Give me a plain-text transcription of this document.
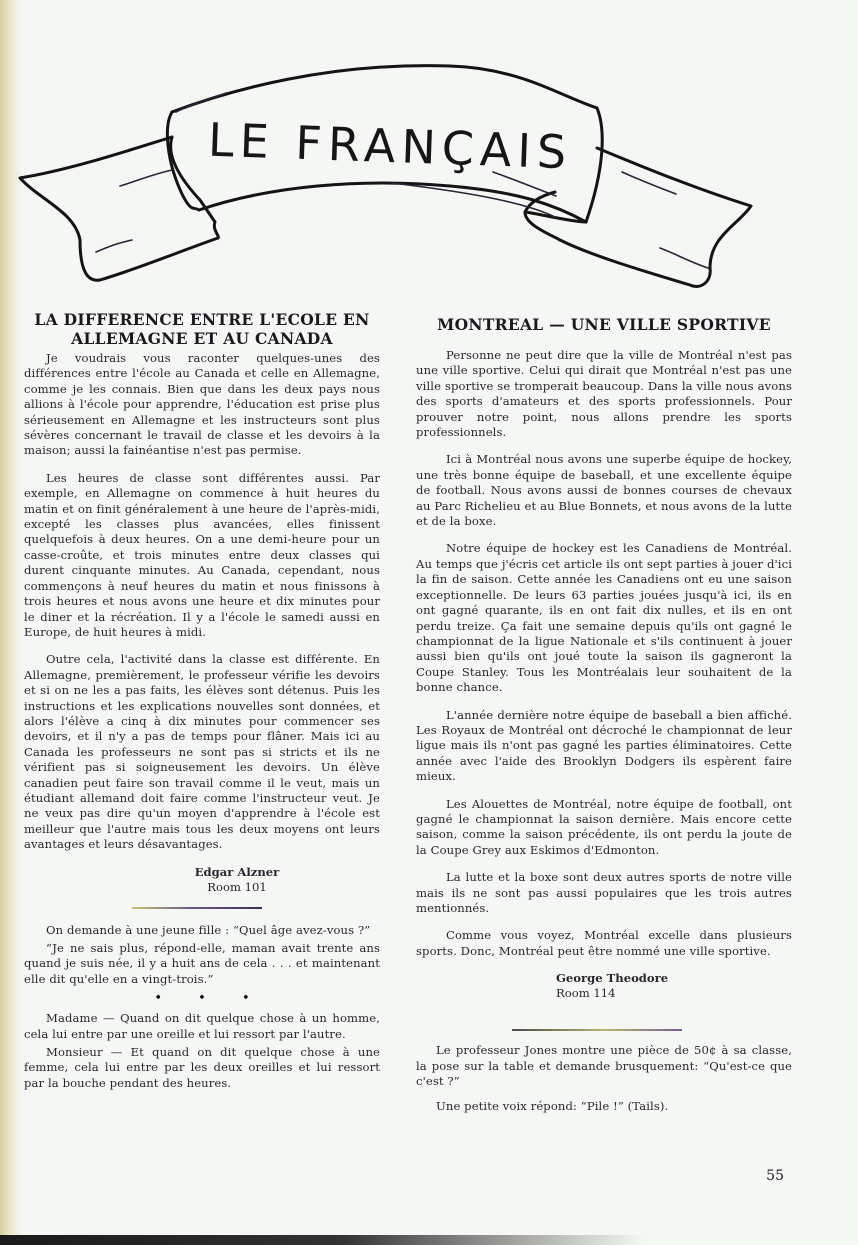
LE FRANÇAIS
LA DIFFERENCE ENTRE L'ECOLE EN
ALLEMAGNE ET AU CANADA

Je voudrais vous raconter quelques-unes des différences entre l'école au Canada et celle en Allemagne, comme je les connais. Bien que dans les deux pays nous allions à l'école pour apprendre, l'éducation est prise plus sérieusement en Allemagne et les instructeurs sont plus sévères concernant le travail de classe et les devoirs à la maison; aussi la fainéantise n'est pas permise.

Les heures de classe sont différentes aussi. Par exemple, en Allemagne on commence à huit heures du matin et on finit généralement à une heure de l'après-midi, excepté les classes plus avancées, elles finissent quelquefois à deux heures. On a une demi-heure pour un casse-croûte, et trois minutes entre deux classes qui durent cinquante minutes. Au Canada, cependant, nous commençons à neuf heures du matin et nous finissons à trois heures et nous avons une heure et dix minutes pour le diner et la récréation. Il y a l'école le samedi aussi en Europe, de huit heures à midi.

Outre cela, l'activité dans la classe est différente. En Allemagne, premièrement, le professeur vérifie les devoirs et si on ne les a pas faits, les élèves sont détenus. Puis les instructions et les explications nouvelles sont données, et alors l'élève a cinq à dix minutes pour commencer ses devoirs, et il n'y a pas de temps pour flâner. Mais ici au Canada les professeurs ne sont pas si stricts et ils ne vérifient pas si soigneusement les devoirs. Un élève canadien peut faire son travail comme il le veut, mais un étudiant allemand doit faire comme l'instructeur veut. Je ne veux pas dire qu'un moyen d'apprendre à l'école est meilleur que l'autre mais tous les deux moyens ont leurs avantages et leurs désavantages.

Edgar Alzner
Room 101

On demande à une jeune fille : “Quel âge avez-vous ?”

“Je ne sais plus, répond-elle, maman avait trente ans quand je suis née, il y a huit ans de cela . . . et maintenant elle dit qu'elle en a vingt-trois.”

• • •

Madame — Quand on dit quelque chose à un homme, cela lui entre par une oreille et lui ressort par l'autre.

Monsieur — Et quand on dit quelque chose à une femme, cela lui entre par les deux oreilles et lui ressort par la bouche pendant des heures.

MONTREAL — UNE VILLE SPORTIVE

Personne ne peut dire que la ville de Montréal n'est pas une ville sportive. Celui qui dirait que Montréal n'est pas une ville sportive se tromperait beaucoup. Dans la ville nous avons des sports d'amateurs et des sports professionnels. Pour prouver notre point, nous allons prendre les sports professionnels.

Ici à Montréal nous avons une superbe équipe de hockey, une très bonne équipe de baseball, et une excellente équipe de football. Nous avons aussi de bonnes courses de chevaux au Parc Richelieu et au Blue Bonnets, et nous avons de la lutte et de la boxe.

Notre équipe de hockey est les Canadiens de Montréal. Au temps que j'écris cet article ils ont sept parties à jouer d'ici la fin de saison. Cette année les Canadiens ont eu une saison exceptionnelle. De leurs 63 parties jouées jusqu'à ici, ils en ont gagné quarante, ils en ont fait dix nulles, et ils en ont perdu treize. Ça fait une semaine depuis qu'ils ont gagné le championnat de la ligue Nationale et s'ils continuent à jouer aussi bien qu'ils ont joué toute la saison ils gagneront la Coupe Stanley. Tous les Montréalais leur souhaitent de la bonne chance.

L'année dernière notre équipe de baseball a bien affiché. Les Royaux de Montréal ont décroché le championnat de leur ligue mais ils n'ont pas gagné les parties éliminatoires. Cette année avec l'aide des Brooklyn Dodgers ils espèrent faire mieux.

Les Alouettes de Montréal, notre équipe de football, ont gagné le championnat la saison dernière. Mais encore cette saison, comme la saison précédente, ils ont perdu la joute de la Coupe Grey aux Eskimos d'Edmonton.

La lutte et la boxe sont deux autres sports de notre ville mais ils ne sont pas aussi populaires que les trois autres mentionnés.

Comme vous voyez, Montréal excelle dans plusieurs sports. Donc, Montréal peut être nommé une ville sportive.

George Theodore
Room 114

Le professeur Jones montre une pièce de 50¢ à sa classe, la pose sur la table et demande brusquement: “Qu'est-ce que c'est ?”

Une petite voix répond: “Pile !” (Tails).

55
